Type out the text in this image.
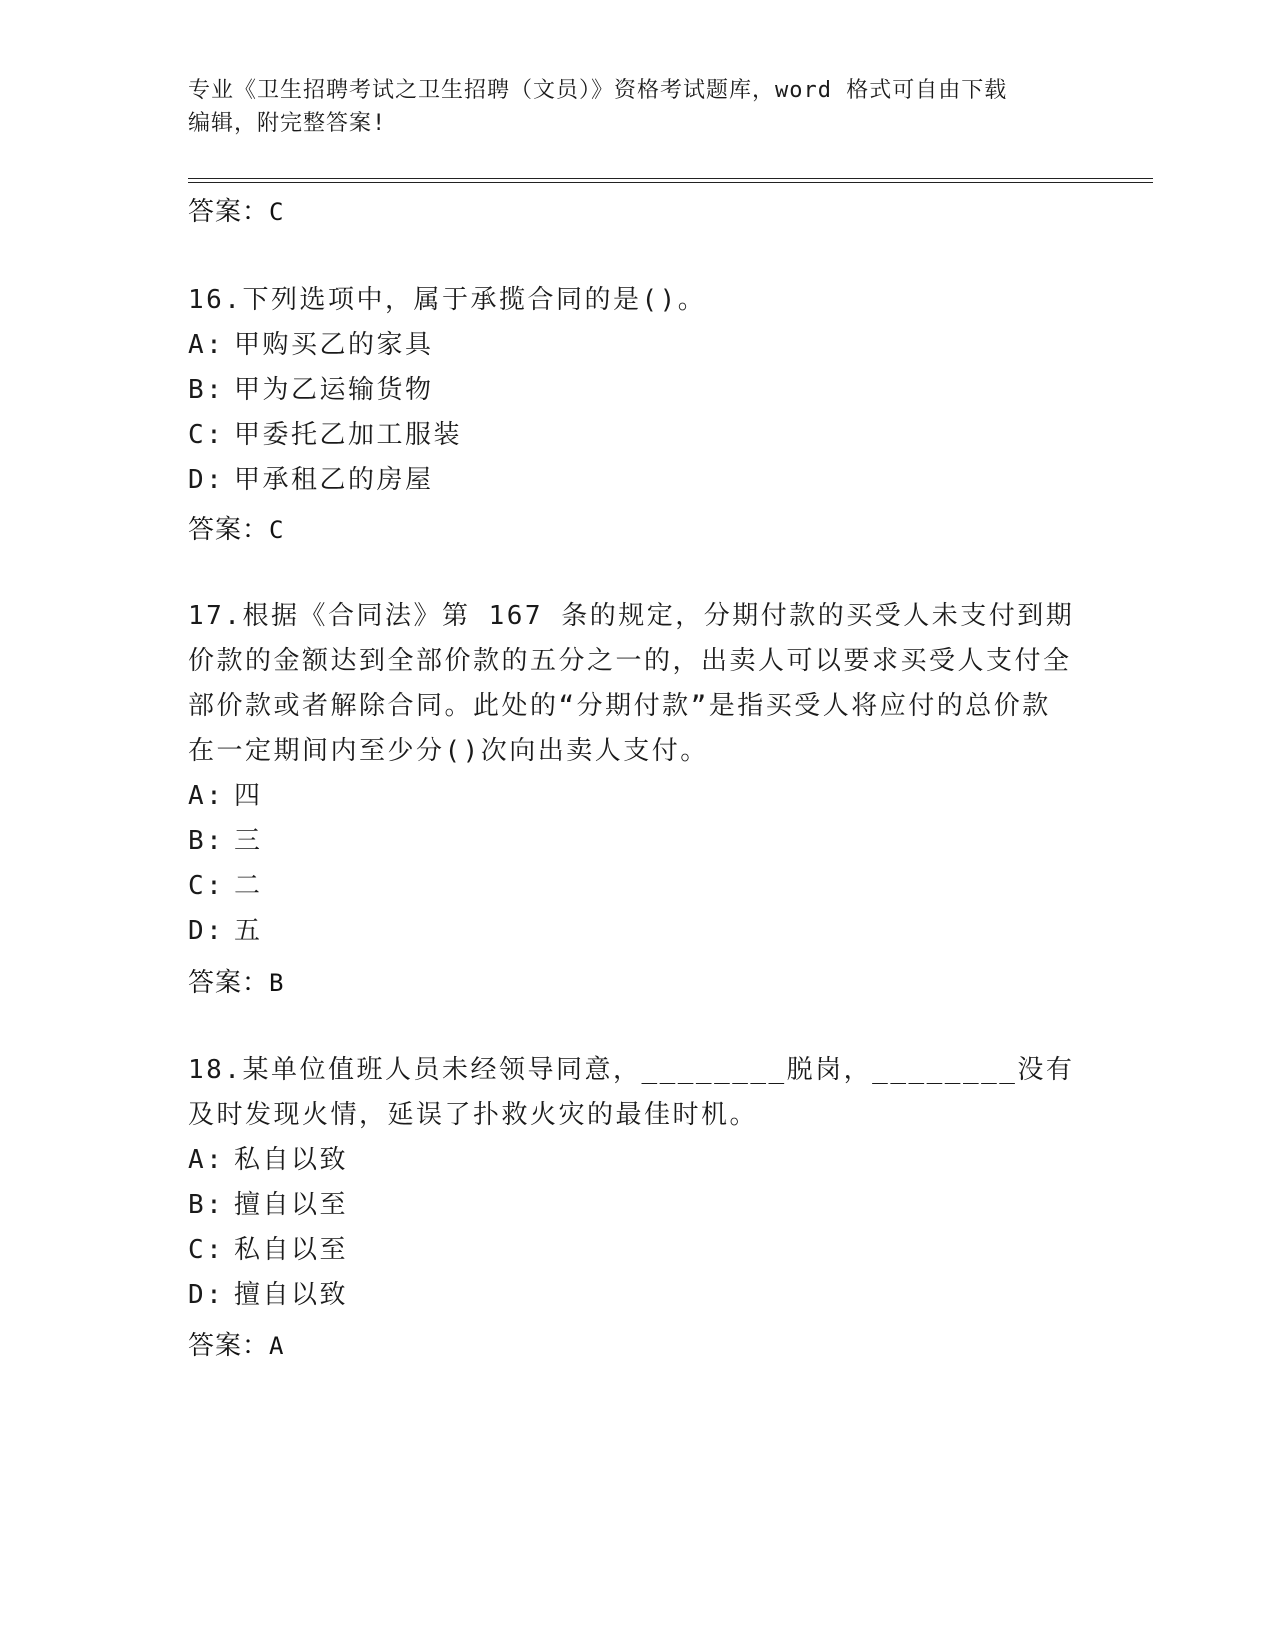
专业《卫生招聘考试之卫生招聘（文员）》资格考试题库，word 格式可自由下载
编辑，附完整答案!
答案：C

16.下列选项中，属于承揽合同的是()。

A: 甲购买乙的家具

B: 甲为乙运输货物

C: 甲委托乙加工服装

D: 甲承租乙的房屋

答案：C

17.根据《合同法》第 167 条的规定，分期付款的买受人未支付到期价款的金额达到全部价款的五分之一的，出卖人可以要求买受人支付全部价款或者解除合同。此处的“分期付款”是指买受人将应付的总价款在一定期间内至少分()次向出卖人支付。

A: 四

B: 三

C: 二

D: 五

答案：B

18.某单位值班人员未经领导同意，________脱岗，________没有及时发现火情，延误了扑救火灾的最佳时机。

A: 私自以致

B: 擅自以至

C: 私自以至

D: 擅自以致

答案：A
